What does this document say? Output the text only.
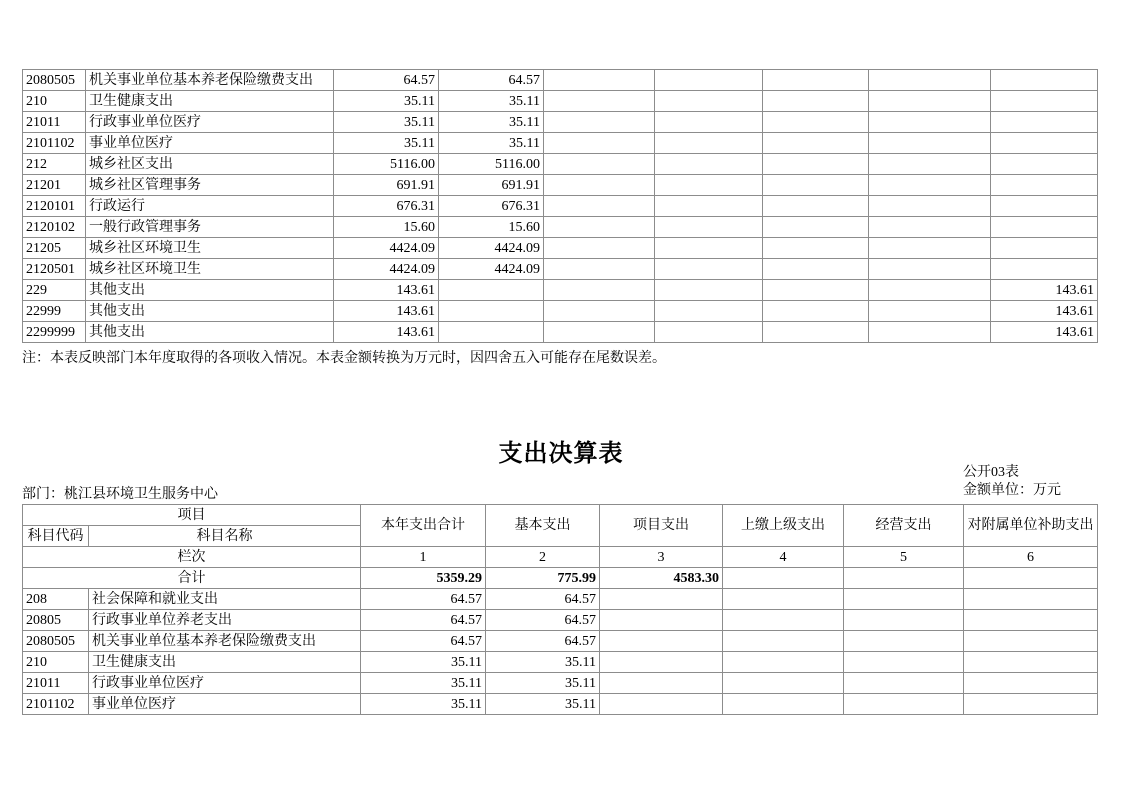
2080505	机关事业单位基本养老保险缴费支出	64.57	64.57					
210	卫生健康支出	35.11	35.11					
21011	行政事业单位医疗	35.11	35.11					
2101102	事业单位医疗	35.11	35.11					
212	城乡社区支出	5116.00	5116.00					
21201	城乡社区管理事务	691.91	691.91					
2120101	行政运行	676.31	676.31					
2120102	一般行政管理事务	15.60	15.60					
21205	城乡社区环境卫生	4424.09	4424.09					
2120501	城乡社区环境卫生	4424.09	4424.09					
229	其他支出	143.61						143.61
22999	其他支出	143.61						143.61
2299999	其他支出	143.61						143.61
注：本表反映部门本年度取得的各项收入情况。本表金额转换为万元时，因四舍五入可能存在尾数误差。
支出决算表
公开03表
金额单位：万元
部门：桃江县环境卫生服务中心
项目		本年支出合计	基本支出	项目支出	上缴上级支出	经营支出	对附属单位补助支出
科目代码	科目名称						
栏次		1	2	3	4	5	6
合计		5359.29	775.99	4583.30			
208	社会保障和就业支出	64.57	64.57				
20805	行政事业单位养老支出	64.57	64.57				
2080505	机关事业单位基本养老保险缴费支出	64.57	64.57				
210	卫生健康支出	35.11	35.11				
21011	行政事业单位医疗	35.11	35.11				
2101102	事业单位医疗	35.11	35.11				
